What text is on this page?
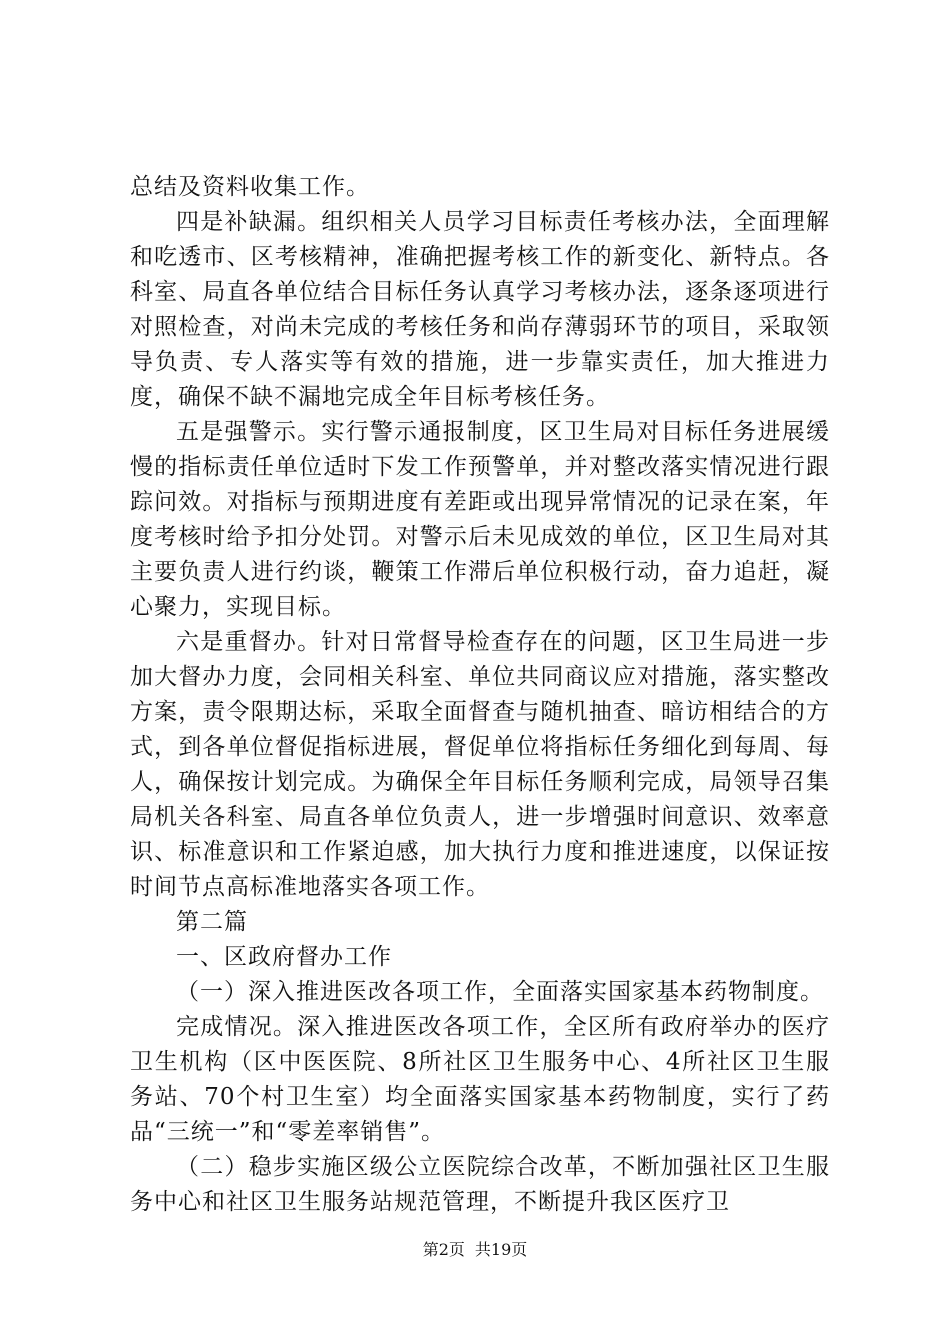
总结及资料收集工作。

四是补缺漏。组织相关人员学习目标责任考核办法，全面理解和吃透市、区考核精神，准确把握考核工作的新变化、新特点。各科室、局直各单位结合目标任务认真学习考核办法，逐条逐项进行对照检查，对尚未完成的考核任务和尚存薄弱环节的项目，采取领导负责、专人落实等有效的措施，进一步靠实责任，加大推进力度，确保不缺不漏地完成全年目标考核任务。

五是强警示。实行警示通报制度，区卫生局对目标任务进展缓慢的指标责任单位适时下发工作预警单，并对整改落实情况进行跟踪问效。对指标与预期进度有差距或出现异常情况的记录在案，年度考核时给予扣分处罚。对警示后未见成效的单位，区卫生局对其主要负责人进行约谈，鞭策工作滞后单位积极行动，奋力追赶，凝心聚力，实现目标。

六是重督办。针对日常督导检查存在的问题，区卫生局进一步加大督办力度，会同相关科室、单位共同商议应对措施，落实整改方案，责令限期达标，采取全面督查与随机抽查、暗访相结合的方式，到各单位督促指标进展，督促单位将指标任务细化到每周、每人，确保按计划完成。为确保全年目标任务顺利完成，局领导召集局机关各科室、局直各单位负责人，进一步增强时间意识、效率意识、标准意识和工作紧迫感，加大执行力度和推进速度，以保证按时间节点高标准地落实各项工作。

第二篇

一、区政府督办工作

（一）深入推进医改各项工作，全面落实国家基本药物制度。

完成情况。深入推进医改各项工作，全区所有政府举办的医疗卫生机构（区中医医院、8所社区卫生服务中心、4所社区卫生服务站、70个村卫生室）均全面落实国家基本药物制度，实行了药品“三统一”和“零差率销售”。

（二）稳步实施区级公立医院综合改革，不断加强社区卫生服务中心和社区卫生服务站规范管理，不断提升我区医疗卫

第2页 共19页
